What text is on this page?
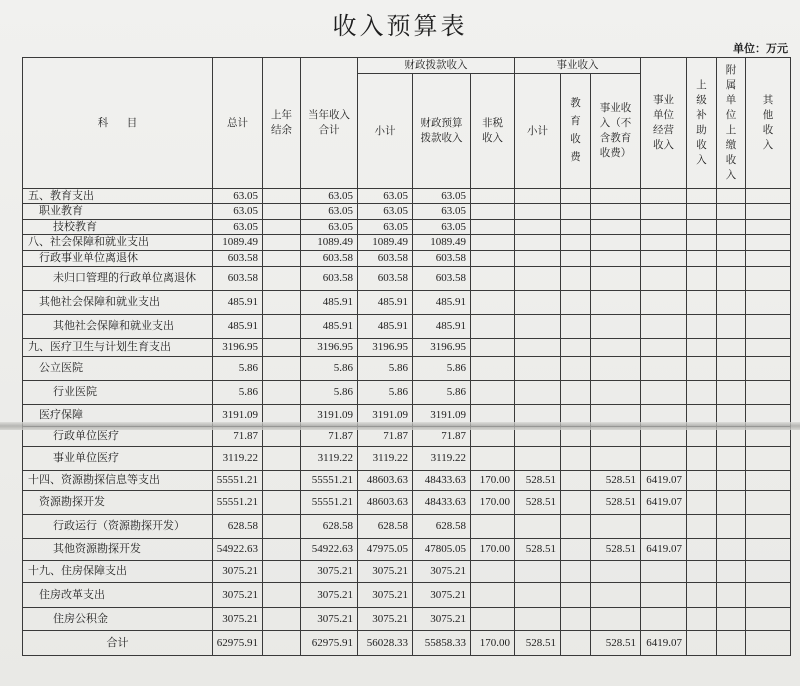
收入预算表
单位：万元
科 目	总计	上年结余	当年收入合计	财政拨款收入			事业收入			事业单位经营收入	上级补助收入	附属单位上缴收入	其他收入
				小计	财政预算拨款收入	非税收入	小计	教育收费	事业收入（不含教育收费）				
五、教育支出	63.05		63.05	63.05	63.05								
职业教育	63.05		63.05	63.05	63.05								
技校教育	63.05		63.05	63.05	63.05								
八、社会保障和就业支出	1089.49		1089.49	1089.49	1089.49								
行政事业单位离退休	603.58		603.58	603.58	603.58								
未归口管理的行政单位离退休	603.58		603.58	603.58	603.58								
其他社会保障和就业支出	485.91		485.91	485.91	485.91								
其他社会保障和就业支出	485.91		485.91	485.91	485.91								
九、医疗卫生与计划生育支出	3196.95		3196.95	3196.95	3196.95								
公立医院	5.86		5.86	5.86	5.86								
行业医院	5.86		5.86	5.86	5.86								
医疗保障	3191.09		3191.09	3191.09	3191.09								
行政单位医疗	71.87		71.87	71.87	71.87								
事业单位医疗	3119.22		3119.22	3119.22	3119.22								
十四、资源勘探信息等支出	55551.21		55551.21	48603.63	48433.63	170.00	528.51		528.51	6419.07			
资源勘探开发	55551.21		55551.21	48603.63	48433.63	170.00	528.51		528.51	6419.07			
行政运行（资源勘探开发）	628.58		628.58	628.58	628.58								
其他资源勘探开发	54922.63		54922.63	47975.05	47805.05	170.00	528.51		528.51	6419.07			
十九、住房保障支出	3075.21		3075.21	3075.21	3075.21								
住房改革支出	3075.21		3075.21	3075.21	3075.21								
住房公积金	3075.21		3075.21	3075.21	3075.21								
合计	62975.91		62975.91	56028.33	55858.33	170.00	528.51		528.51	6419.07			
